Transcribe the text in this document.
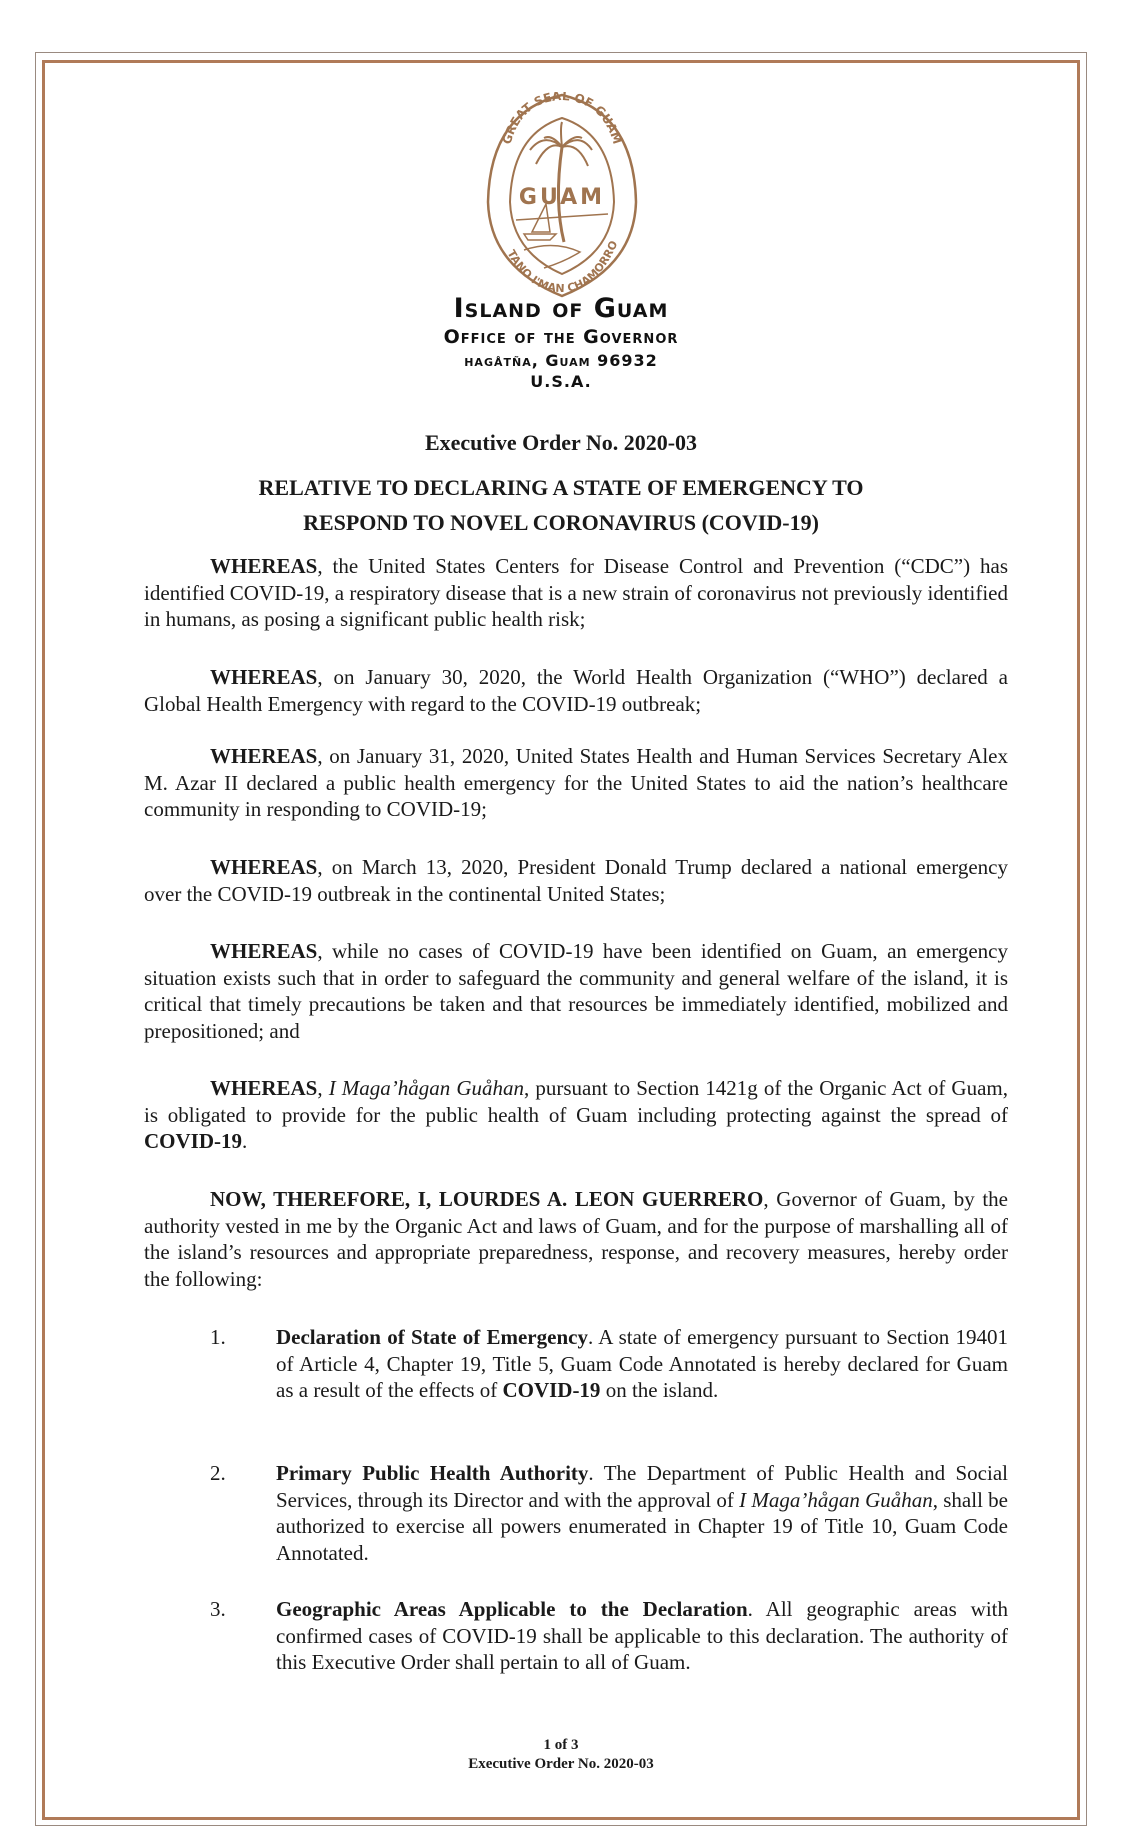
GREAT SEAL OF GUAM
TANO I'MAN CHAMORRO
GUAM
Island of Guam
Office of the Governor
hagåtña, Guam 96932
U.S.A.
Executive Order No. 2020-03
RELATIVE TO DECLARING A STATE OF EMERGENCY TO
RESPOND TO NOVEL CORONAVIRUS (COVID-19)

WHEREAS, the United States Centers for Disease Control and Prevention (“CDC”) has identified COVID-19, a respiratory disease that is a new strain of coronavirus not previously identified in humans, as posing a significant public health risk;

WHEREAS, on January 30, 2020, the World Health Organization (“WHO”) declared a Global Health Emergency with regard to the COVID-19 outbreak;

WHEREAS, on January 31, 2020, United States Health and Human Services Secretary Alex M. Azar II declared a public health emergency for the United States to aid the nation’s healthcare community in responding to COVID-19;

WHEREAS, on March 13, 2020, President Donald Trump declared a national emergency over the COVID-19 outbreak in the continental United States;

WHEREAS, while no cases of COVID-19 have been identified on Guam, an emergency situation exists such that in order to safeguard the community and general welfare of the island, it is critical that timely precautions be taken and that resources be immediately identified, mobilized and prepositioned; and

WHEREAS, I Maga’hågan Guåhan, pursuant to Section 1421g of the Organic Act of Guam, is obligated to provide for the public health of Guam including protecting against the spread of COVID-19.

NOW, THEREFORE, I, LOURDES A. LEON GUERRERO, Governor of Guam, by the authority vested in me by the Organic Act and laws of Guam, and for the purpose of marshalling all of the island’s resources and appropriate preparedness, response, and recovery measures, hereby order the following:

1. Declaration of State of Emergency. A state of emergency pursuant to Section 19401 of Article 4, Chapter 19, Title 5, Guam Code Annotated is hereby declared for Guam as a result of the effects of COVID-19 on the island.
2. Primary Public Health Authority. The Department of Public Health and Social Services, through its Director and with the approval of I Maga’hågan Guåhan, shall be authorized to exercise all powers enumerated in Chapter 19 of Title 10, Guam Code Annotated.
3. Geographic Areas Applicable to the Declaration. All geographic areas with confirmed cases of COVID-19 shall be applicable to this declaration. The authority of this Executive Order shall pertain to all of Guam.
1 of 3
Executive Order No. 2020-03
